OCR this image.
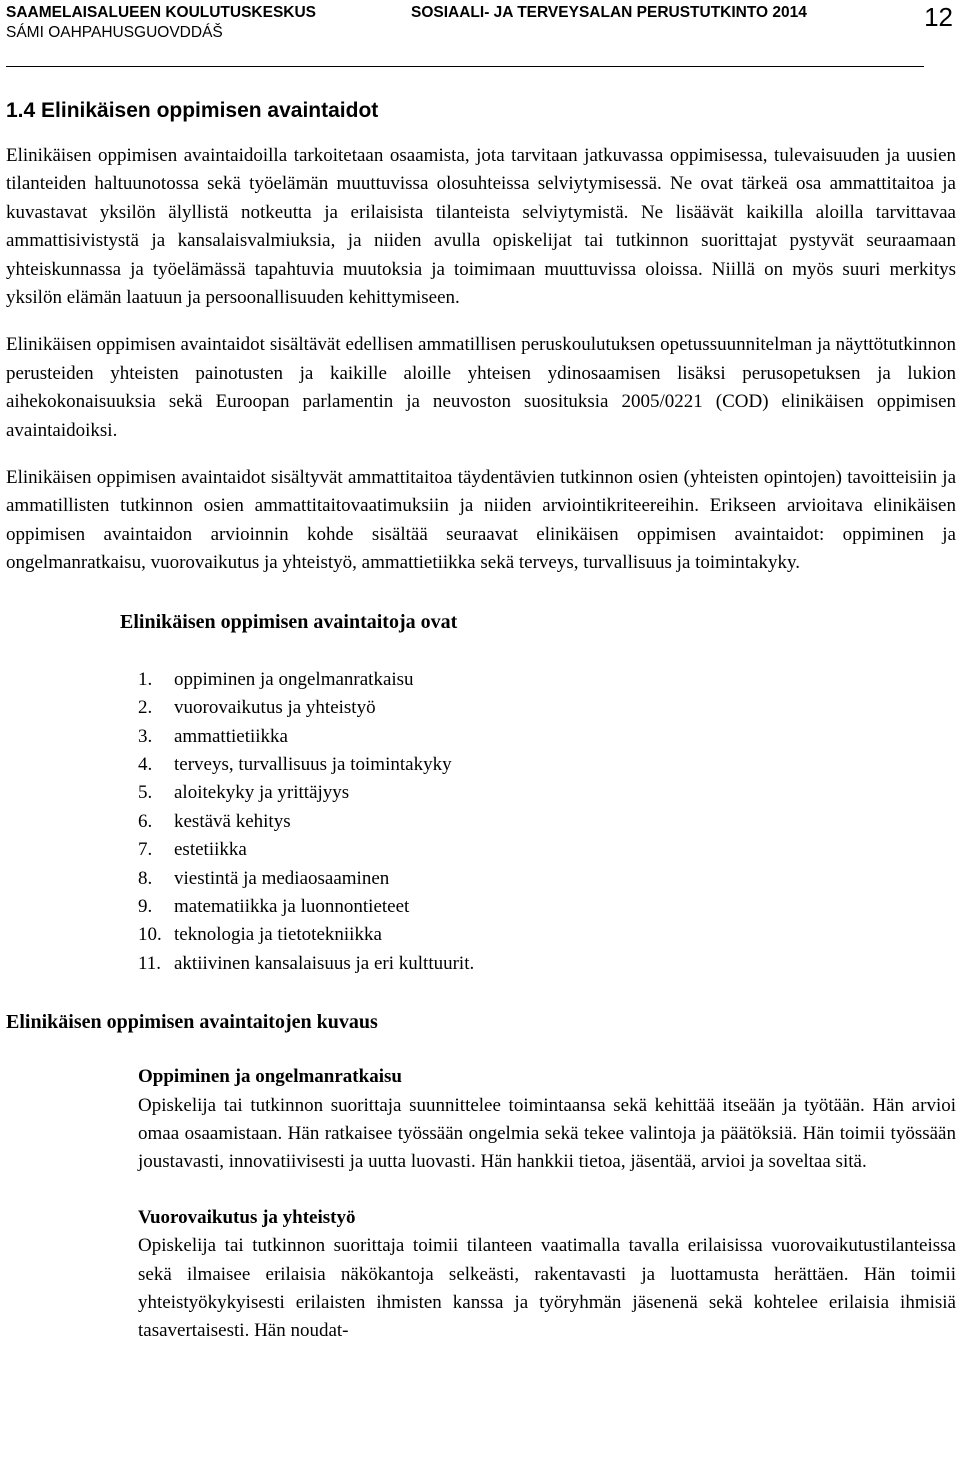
SAAMELAISALUEEN KOULUTUSKESKUS
SÁMI OAHPAHUSGUOVDDÁŠ
SOSIAALI- JA TERVEYSALAN PERUSTUTKINTO 2014	12
1.4 Elinikäisen oppimisen avaintaidot

Elinikäisen oppimisen avaintaidoilla tarkoitetaan osaamista, jota tarvitaan jatkuvassa oppimisessa, tulevaisuuden ja uusien tilanteiden haltuunotossa sekä työelämän muuttuvissa olosuhteissa selviytymisessä. Ne ovat tärkeä osa ammattitaitoa ja kuvastavat yksilön älyllistä notkeutta ja erilaisista tilanteista selviytymistä. Ne lisäävät kaikilla aloilla tarvittavaa ammattisivistystä ja kansalaisvalmiuksia, ja niiden avulla opiskelijat tai tutkinnon suorittajat pystyvät seuraamaan yhteiskunnassa ja työelämässä tapahtuvia muutoksia ja toimimaan muuttuvissa oloissa. Niillä on myös suuri merkitys yksilön elämän laatuun ja persoonallisuuden kehittymiseen.

Elinikäisen oppimisen avaintaidot sisältävät edellisen ammatillisen peruskoulutuksen opetussuunnitelman ja näyttötutkinnon perusteiden yhteisten painotusten ja kaikille aloille yhteisen ydinosaamisen lisäksi perusopetuksen ja lukion aihekokonaisuuksia sekä Euroopan parlamentin ja neuvoston suosituksia 2005/0221 (COD) elinikäisen oppimisen avaintaidoiksi.

Elinikäisen oppimisen avaintaidot sisältyvät ammattitaitoa täydentävien tutkinnon osien (yhteisten opintojen) tavoitteisiin ja ammatillisten tutkinnon osien ammattitaitovaatimuksiin ja niiden arviointikriteereihin. Erikseen arvioitava elinikäisen oppimisen avaintaidon arvioinnin kohde sisältää seuraavat elinikäisen oppimisen avaintaidot: oppiminen ja ongelmanratkaisu, vuorovaikutus ja yhteistyö, ammattietiikka sekä terveys, turvallisuus ja toimintakyky.

Elinikäisen oppimisen avaintaitoja ovat
1.	oppiminen ja ongelmanratkaisu
2.	vuorovaikutus ja yhteistyö
3.	ammattietiikka
4.	terveys, turvallisuus ja toimintakyky
5.	aloitekyky ja yrittäjyys
6.	kestävä kehitys
7.	estetiikka
8.	viestintä ja mediaosaaminen
9.	matematiikka ja luonnontieteet
10. teknologia ja tietotekniikka
11. aktiivinen kansalaisuus ja eri kulttuurit.
Elinikäisen oppimisen avaintaitojen kuvaus
Oppiminen ja ongelmanratkaisu

Opiskelija tai tutkinnon suorittaja suunnittelee toimintaansa sekä kehittää itseään ja työtään. Hän arvioi omaa osaamistaan. Hän ratkaisee työssään ongelmia sekä tekee valintoja ja päätöksiä. Hän toimii työssään joustavasti, innovatiivisesti ja uutta luovasti. Hän hankkii tietoa, jäsentää, arvioi ja soveltaa sitä.

Vuorovaikutus ja yhteistyö

Opiskelija tai tutkinnon suorittaja toimii tilanteen vaatimalla tavalla erilaisissa vuorovaikutustilanteissa sekä ilmaisee erilaisia näkökantoja selkeästi, rakentavasti ja luottamusta herättäen. Hän toimii yhteistyökykyisesti erilaisten ihmisten kanssa ja työryhmän jäsenenä sekä kohtelee erilaisia ihmisiä tasavertaisesti. Hän noudat-
